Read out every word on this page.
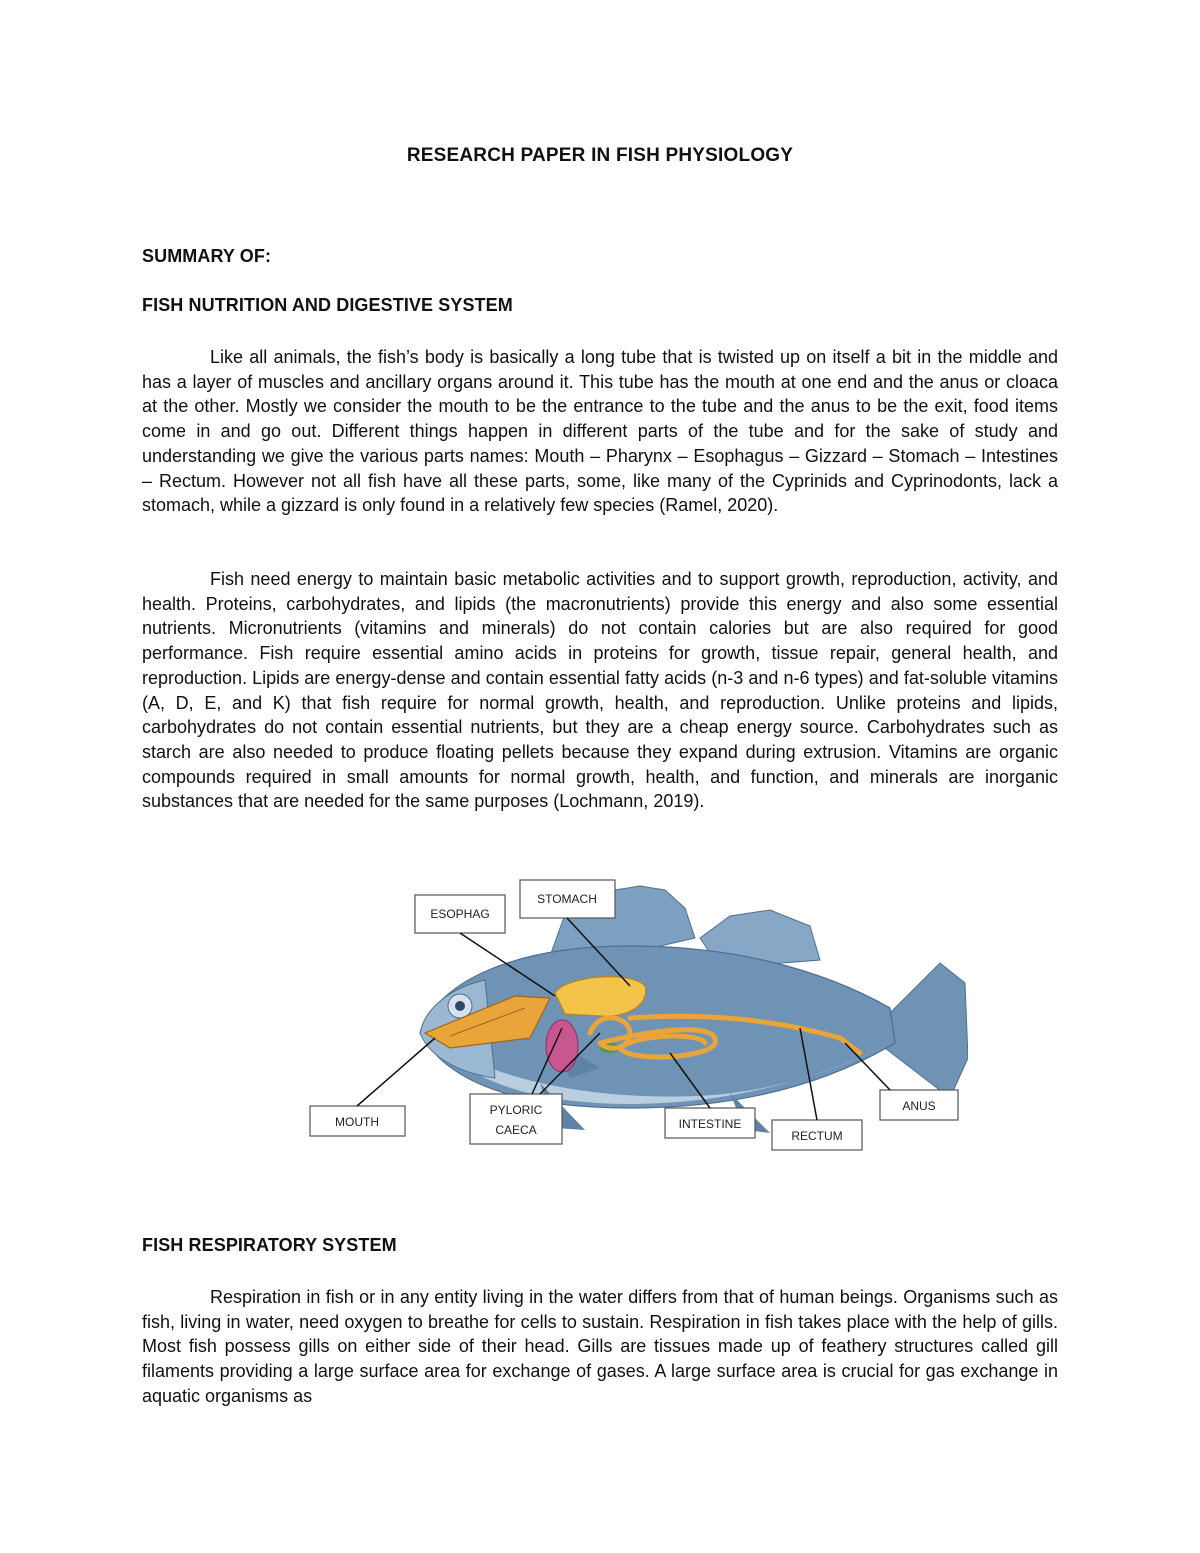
RESEARCH PAPER IN FISH PHYSIOLOGY
SUMMARY OF:
FISH NUTRITION AND DIGESTIVE SYSTEM

Like all animals, the fish’s body is basically a long tube that is twisted up on itself a bit in the middle and has a layer of muscles and ancillary organs around it. This tube has the mouth at one end and the anus or cloaca at the other. Mostly we consider the mouth to be the entrance to the tube and the anus to be the exit, food items come in and go out. Different things happen in different parts of the tube and for the sake of study and understanding we give the various parts names: Mouth – Pharynx – Esophagus – Gizzard – Stomach – Intestines – Rectum. However not all fish have all these parts, some, like many of the Cyprinids and Cyprinodonts, lack a stomach, while a gizzard is only found in a relatively few species (Ramel, 2020).

Fish need energy to maintain basic metabolic activities and to support growth, reproduction, activity, and health. Proteins, carbohydrates, and lipids (the macronutrients) provide this energy and also some essential nutrients. Micronutrients (vitamins and minerals) do not contain calories but are also required for good performance. Fish require essential amino acids in proteins for growth, tissue repair, general health, and reproduction. Lipids are energy-dense and contain essential fatty acids (n-3 and n-6 types) and fat-soluble vitamins (A, D, E, and K) that fish require for normal growth, health, and reproduction. Unlike proteins and lipids, carbohydrates do not contain essential nutrients, but they are a cheap energy source. Carbohydrates such as starch are also needed to produce floating pellets because they expand during extrusion. Vitamins are organic compounds required in small amounts for normal growth, health, and function, and minerals are inorganic substances that are needed for the same purposes (Lochmann, 2019).

ESOPHAG
STOMACH
MOUTH
PYLORIC
CAECA	INTESTINE
RECTUM
ANUS
FISH RESPIRATORY SYSTEM

Respiration in fish or in any entity living in the water differs from that of human beings. Organisms such as fish, living in water, need oxygen to breathe for cells to sustain. Respiration in fish takes place with the help of gills. Most fish possess gills on either side of their head. Gills are tissues made up of feathery structures called gill filaments providing a large surface area for exchange of gases. A large surface area is crucial for gas exchange in aquatic organisms as
